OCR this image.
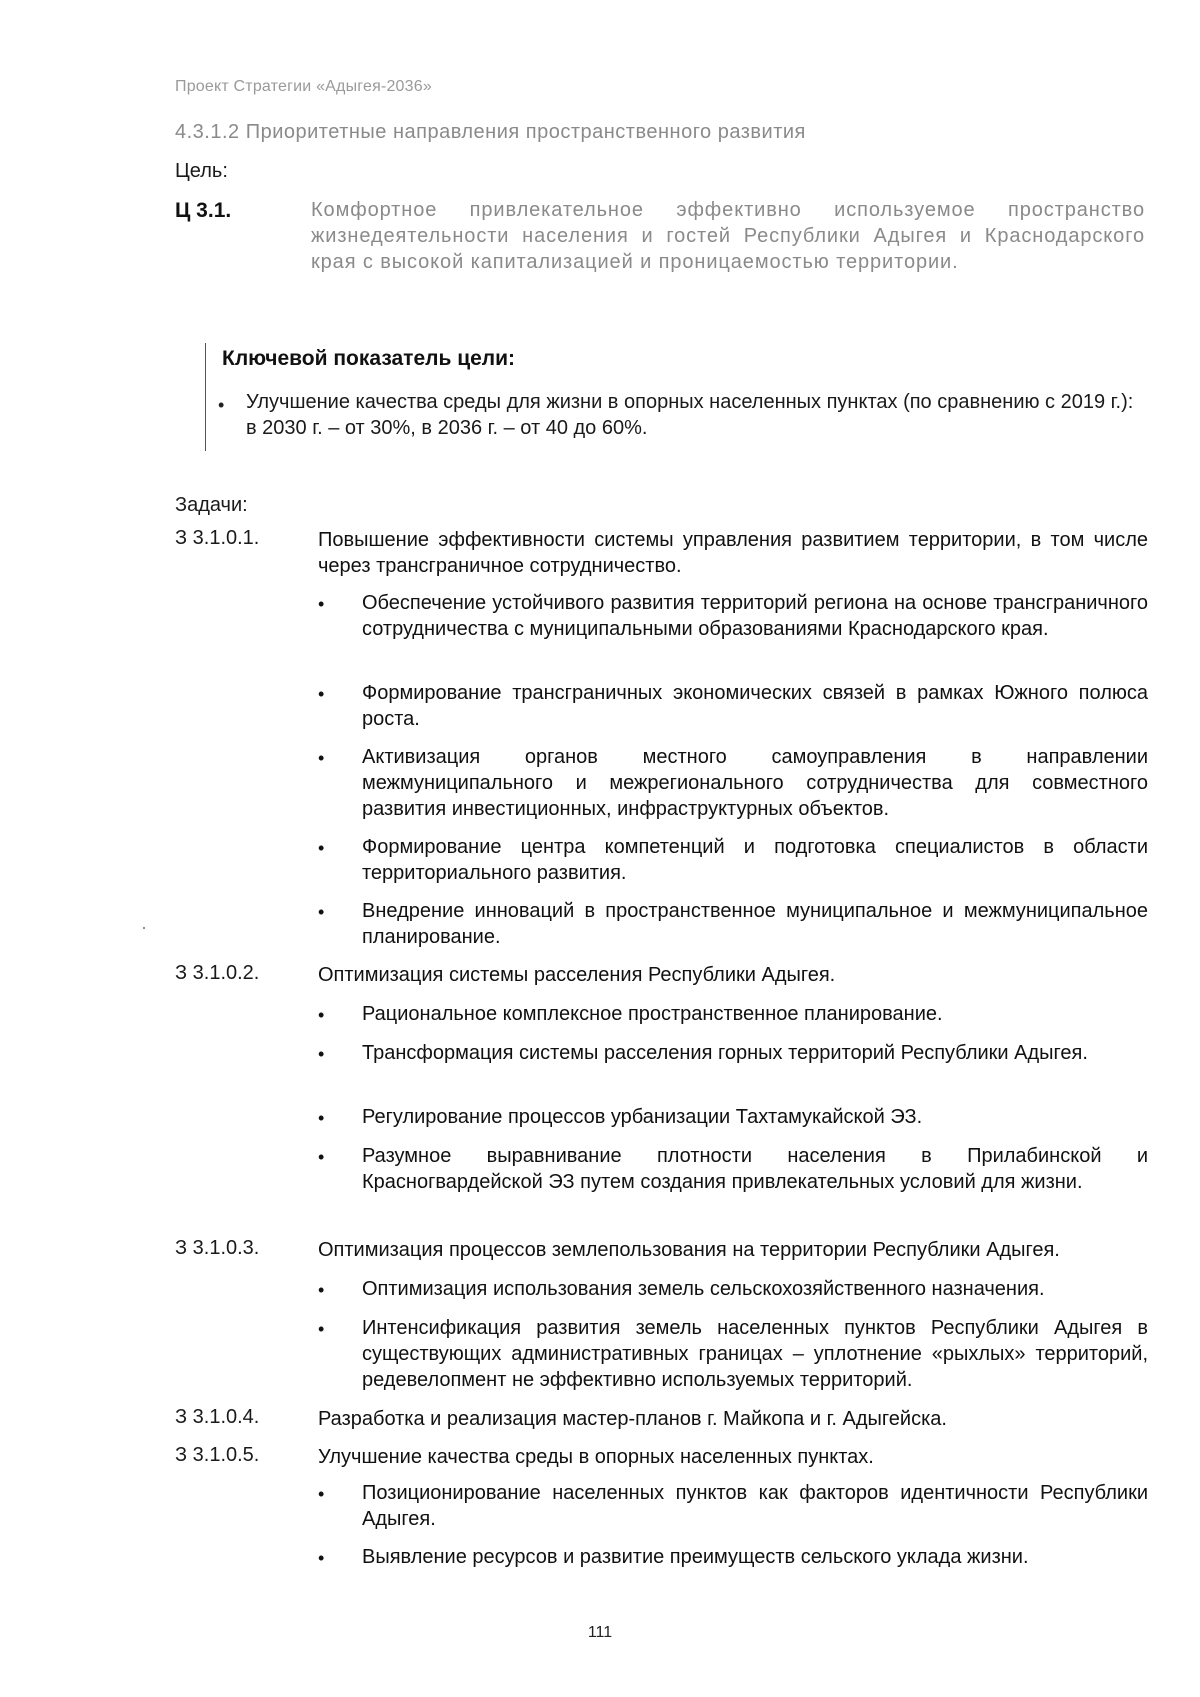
Проект Стратегии «Адыгея-2036»
4.3.1.2 Приоритетные направления пространственного развития
Цель:
Ц 3.1.	Комфортное привлекательное эффективно используемое пространство жизнедеятельности населения и гостей Республики Адыгея и Краснодарского края с высокой капитализацией и проницаемостью территории.
Ключевой показатель цели:
• Улучшение качества среды для жизни в опорных населенных пунктах (по сравнению с 2019 г.): в 2030 г. – от 30%, в 2036 г. – от 40 до 60%.
Задачи:
З 3.1.0.1.	Повышение эффективности системы управления развитием территории, в том числе через трансграничное сотрудничество.
• Обеспечение устойчивого развития территорий региона на основе трансграничного сотрудничества с муниципальными образованиями Краснодарского края.
• Формирование трансграничных экономических связей в рамках Южного полюса роста.
• Активизация органов местного самоуправления в направлении межмуниципального и межрегионального сотрудничества для совместного развития инвестиционных, инфраструктурных объектов.
• Формирование центра компетенций и подготовка специалистов в области территориального развития.
• Внедрение инноваций в пространственное муниципальное и межмуниципальное планирование.
З 3.1.0.2.	Оптимизация системы расселения Республики Адыгея.
• Рациональное комплексное пространственное планирование.
• Трансформация системы расселения горных территорий Республики Адыгея.
• Регулирование процессов урбанизации Тахтамукайской ЭЗ.
• Разумное выравнивание плотности населения в Прилабинской и Красногвардейской ЭЗ путем создания привлекательных условий для жизни.
З 3.1.0.3.	Оптимизация процессов землепользования на территории Республики Адыгея.
• Оптимизация использования земель сельскохозяйственного назначения.
• Интенсификация развития земель населенных пунктов Республики Адыгея в существующих административных границах – уплотнение «рыхлых» территорий, редевелопмент не эффективно используемых территорий.
З 3.1.0.4.	Разработка и реализация мастер-планов г. Майкопа и г. Адыгейска.
З 3.1.0.5.	Улучшение качества среды в опорных населенных пунктах.
• Позиционирование населенных пунктов как факторов идентичности Республики Адыгея.
• Выявление ресурсов и развитие преимуществ сельского уклада жизни.
111
